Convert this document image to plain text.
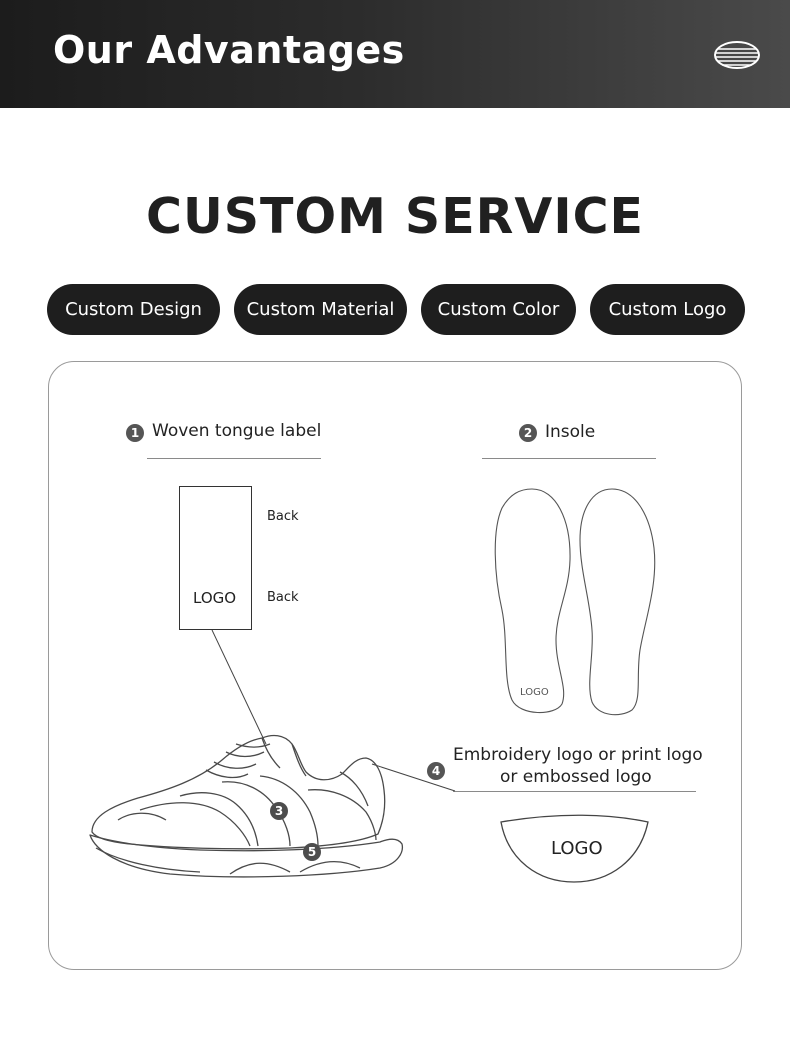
Our Advantages
CUSTOM SERVICE
Custom Design	Custom Material	Custom Color	Custom Logo
1 Woven tongue label
LOGO
Back
Back
2 Insole
4
Embroidery logo or print logo
or embossed logo
LOGO
3
5	LOGO
